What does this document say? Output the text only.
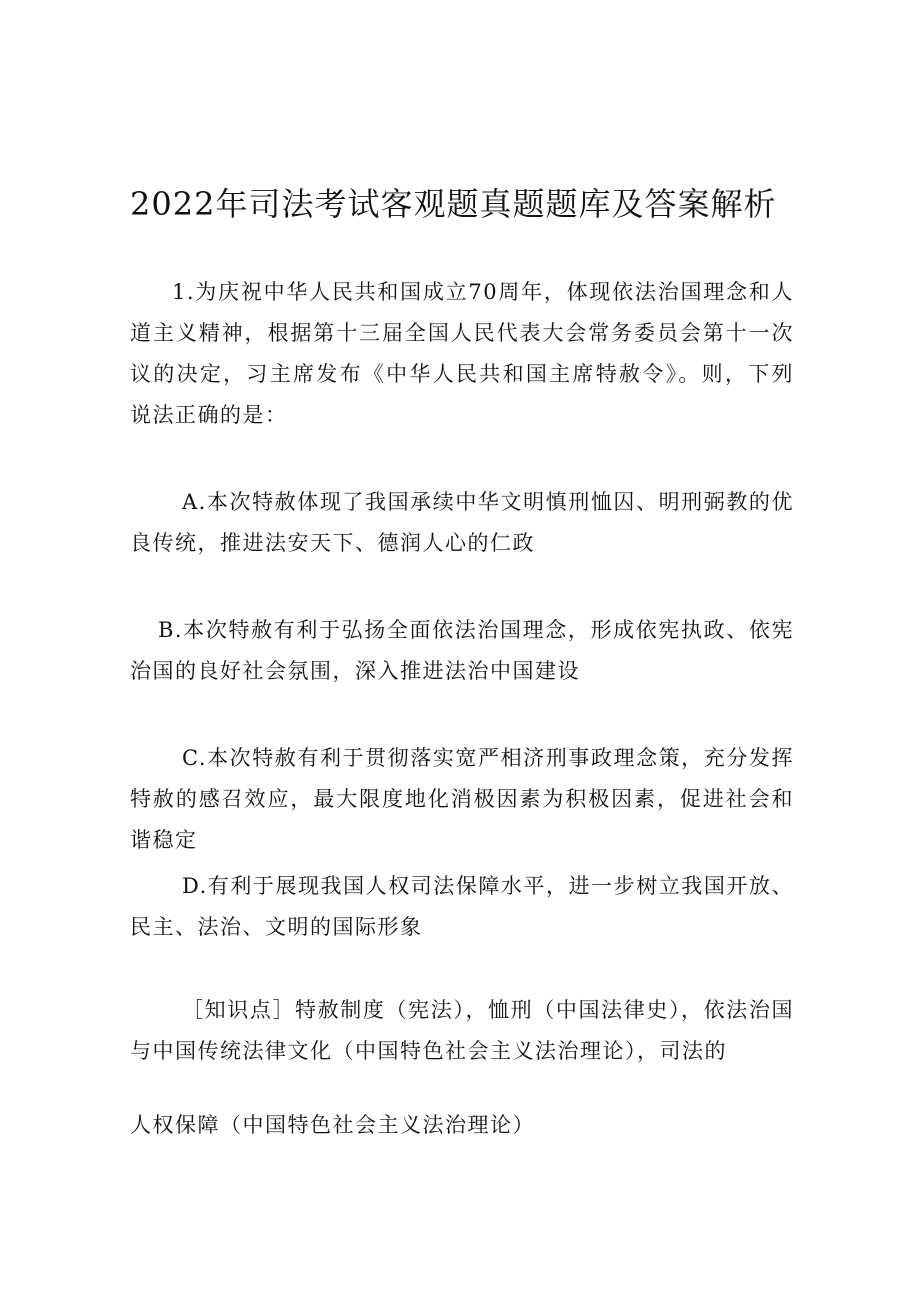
2022年司法考试客观题真题题库及答案解析

1.为庆祝中华人民共和国成立70周年，体现依法治国理念和人道主义精神，根据第十三届全国人民代表大会常务委员会第十一次议的决定，习主席发布《中华人民共和国主席特赦令》。则，下列说法正确的是：

A.本次特赦体现了我国承续中华文明慎刑恤囚、明刑弼教的优良传统，推进法安天下、德润人心的仁政

B.本次特赦有利于弘扬全面依法治国理念，形成依宪执政、依宪治国的良好社会氛围，深入推进法治中国建设

C.本次特赦有利于贯彻落实宽严相济刑事政理念策，充分发挥特赦的感召效应，最大限度地化消极因素为积极因素，促进社会和谐稳定

D.有利于展现我国人权司法保障水平，进一步树立我国开放、民主、法治、文明的国际形象

［知识点］特赦制度（宪法），恤刑（中国法律史），依法治国与中国传统法律文化（中国特色社会主义法治理论），司法的

人权保障（中国特色社会主义法治理论）
